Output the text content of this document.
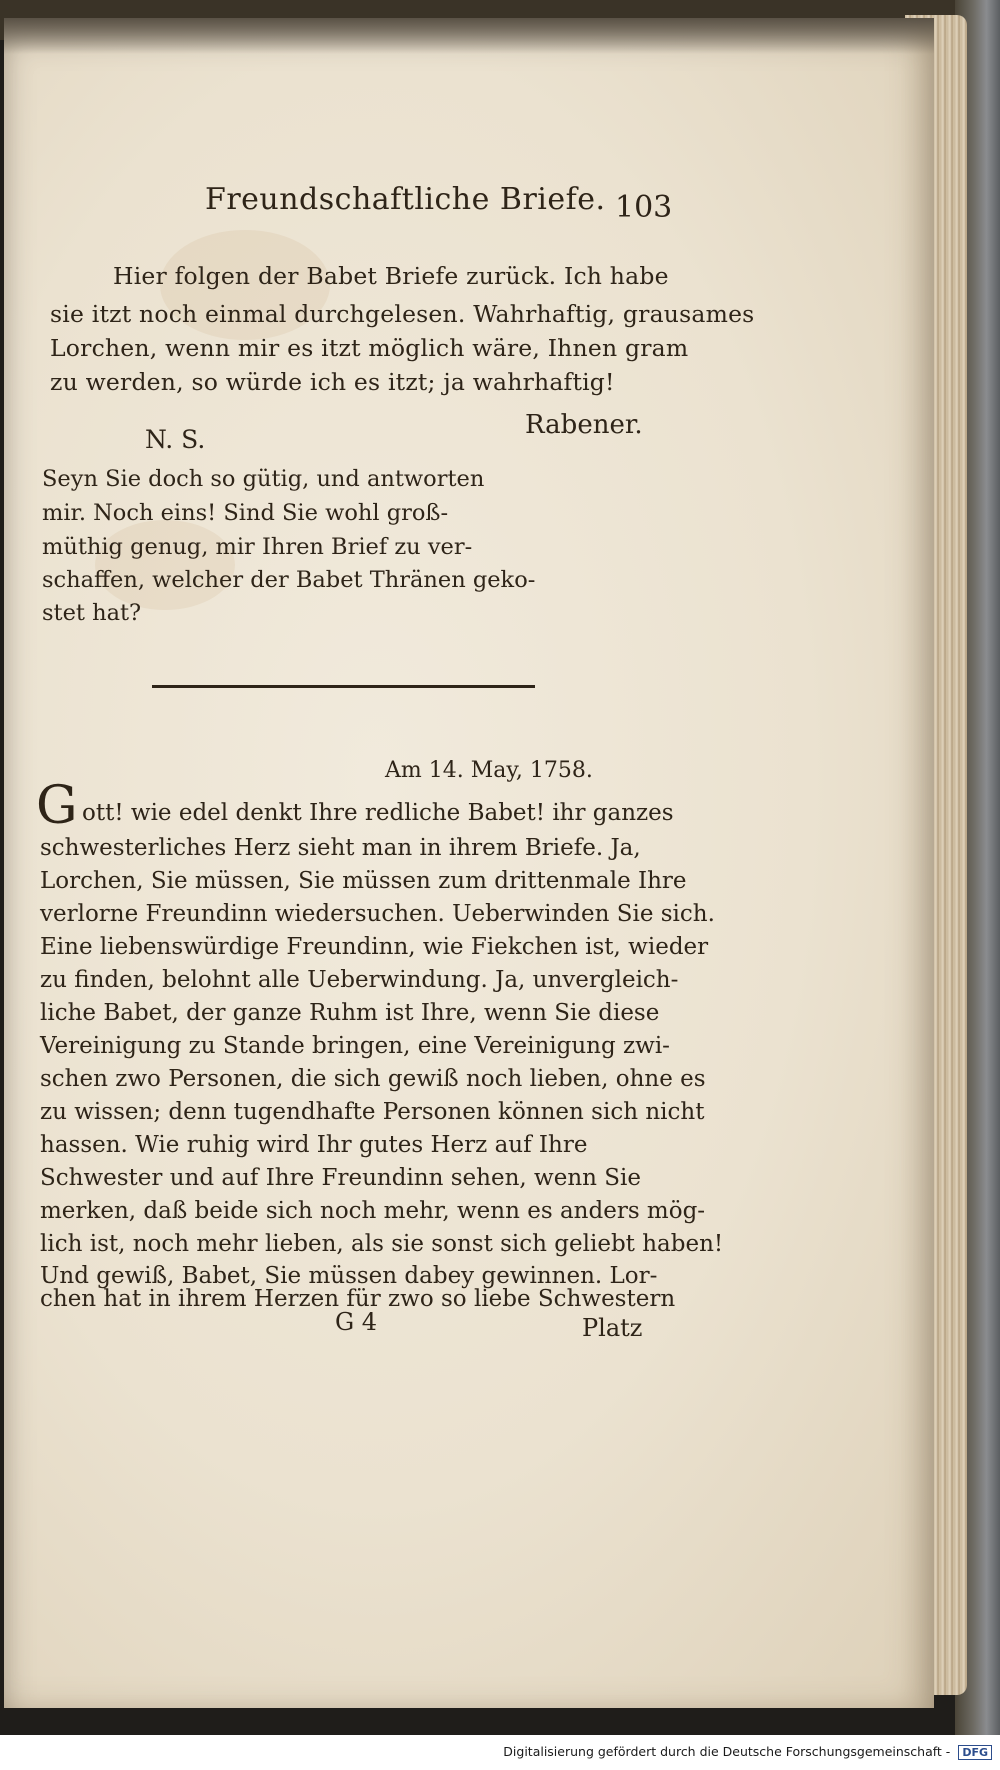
Freundschaftliche Briefe. 103
Hier folgen der Babet Briefe zurück. Ich habe
sie itzt noch einmal durchgelesen. Wahrhaftig, grausames
Lorchen, wenn mir es itzt möglich wäre, Ihnen gram
zu werden, so würde ich es itzt; ja wahrhaftig!
Rabener.
N. S.
Seyn Sie doch so gütig, und antworten
mir. Noch eins! Sind Sie wohl groß-
müthig genug, mir Ihren Brief zu ver-
schaffen, welcher der Babet Thränen geko-
stet hat?
Am 14. May, 1758.
G ott! wie edel denkt Ihre redliche Babet! ihr ganzes
schwesterliches Herz sieht man in ihrem Briefe. Ja,
Lorchen, Sie müssen, Sie müssen zum drittenmale Ihre
verlorne Freundinn wiedersuchen. Ueberwinden Sie sich.
Eine liebenswürdige Freundinn, wie Fiekchen ist, wieder
zu finden, belohnt alle Ueberwindung. Ja, unvergleich-
liche Babet, der ganze Ruhm ist Ihre, wenn Sie diese
Vereinigung zu Stande bringen, eine Vereinigung zwi-
schen zwo Personen, die sich gewiß noch lieben, ohne es
zu wissen; denn tugendhafte Personen können sich nicht
hassen. Wie ruhig wird Ihr gutes Herz auf Ihre
Schwester und auf Ihre Freundinn sehen, wenn Sie
merken, daß beide sich noch mehr, wenn es anders mög-
lich ist, noch mehr lieben, als sie sonst sich geliebt haben!
Und gewiß, Babet, Sie müssen dabey gewinnen. Lor-
chen hat in ihrem Herzen für zwo so liebe Schwestern
G 4	Platz
Digitalisierung gefördert durch die Deutsche Forschungsgemeinschaft - DFG
